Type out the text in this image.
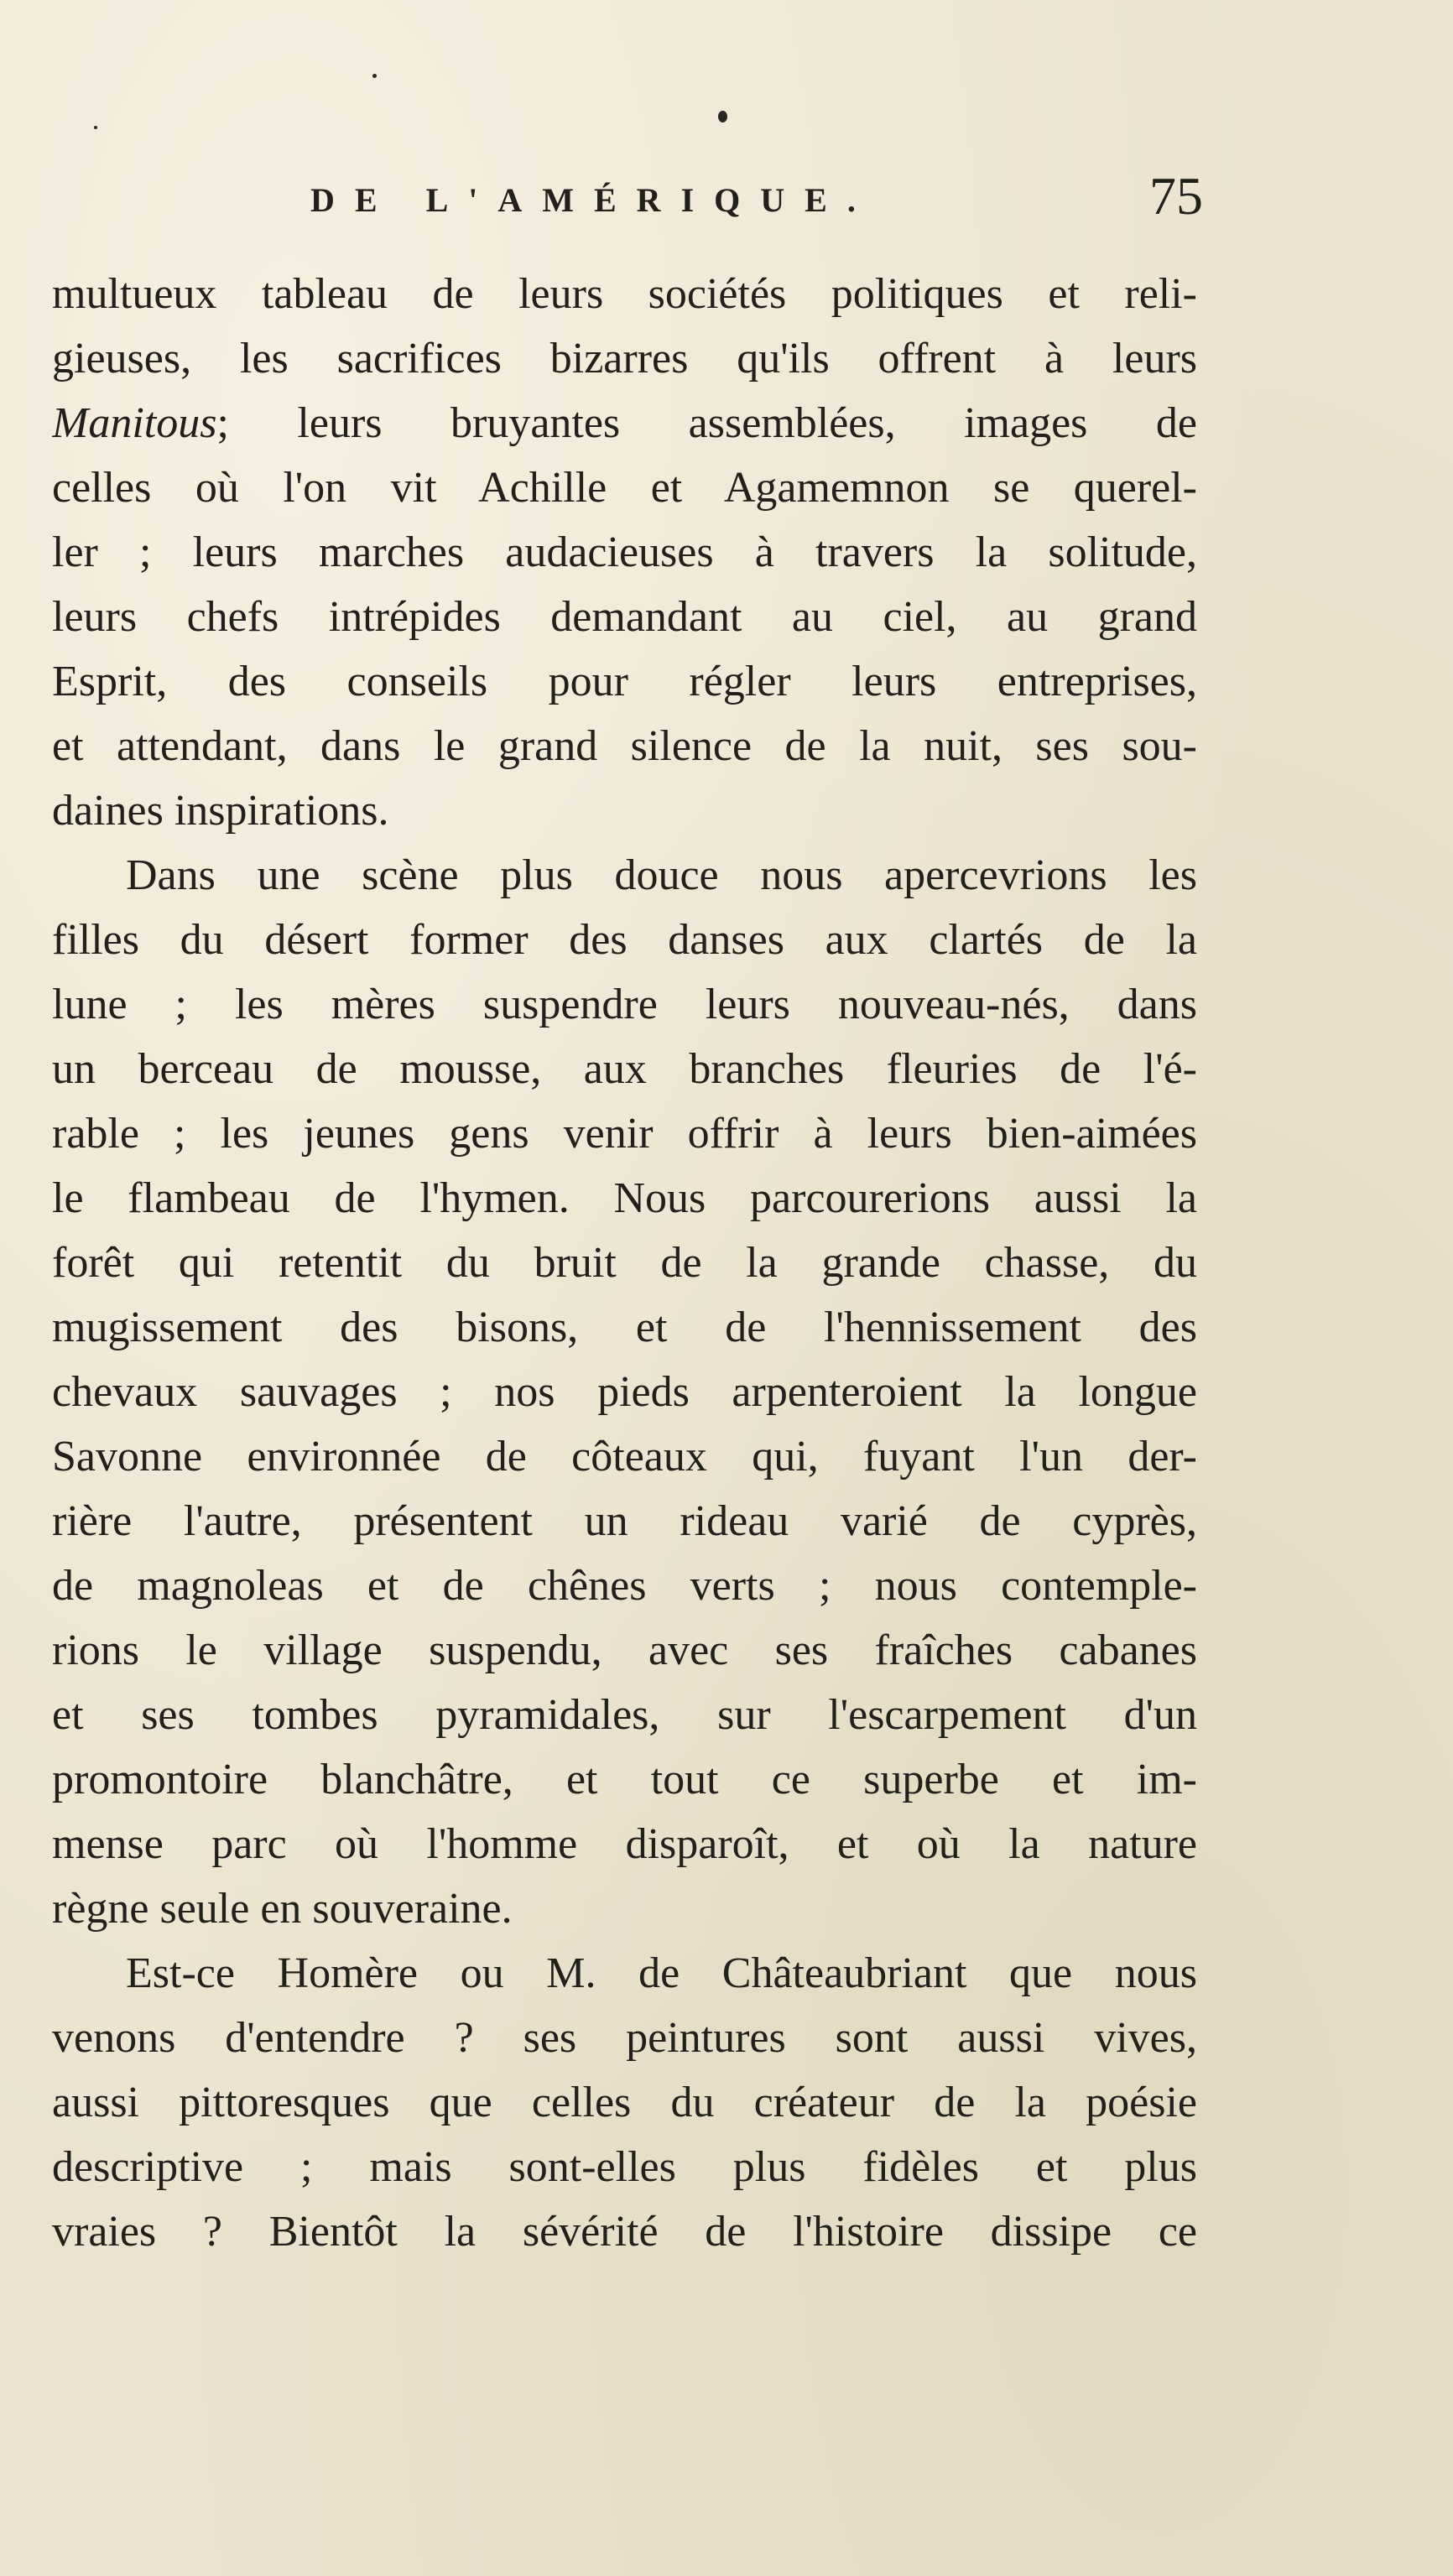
DE L'AMÉRIQUE.	75
multueux tableau de leurs sociétés politiques et reli-
gieuses, les sacrifices bizarres qu'ils offrent à leurs
Manitous; leurs bruyantes assemblées, images de
celles où l'on vit Achille et Agamemnon se querel-
ler ; leurs marches audacieuses à travers la solitude,
leurs chefs intrépides demandant au ciel, au grand
Esprit, des conseils pour régler leurs entreprises,
et attendant, dans le grand silence de la nuit, ses sou-
daines inspirations.
Dans une scène plus douce nous apercevrions les
filles du désert former des danses aux clartés de la
lune ; les mères suspendre leurs nouveau-nés, dans
un berceau de mousse, aux branches fleuries de l'é-
rable ; les jeunes gens venir offrir à leurs bien-aimées
le flambeau de l'hymen. Nous parcourerions aussi la
forêt qui retentit du bruit de la grande chasse, du
mugissement des bisons, et de l'hennissement des
chevaux sauvages ; nos pieds arpenteroient la longue
Savonne environnée de côteaux qui, fuyant l'un der-
rière l'autre, présentent un rideau varié de cyprès,
de magnoleas et de chênes verts ; nous contemple-
rions le village suspendu, avec ses fraîches cabanes
et ses tombes pyramidales, sur l'escarpement d'un
promontoire blanchâtre, et tout ce superbe et im-
mense parc où l'homme disparoît, et où la nature
règne seule en souveraine.
Est-ce Homère ou M. de Châteaubriant que nous
venons d'entendre ? ses peintures sont aussi vives,
aussi pittoresques que celles du créateur de la poésie
descriptive ; mais sont-elles plus fidèles et plus
vraies ? Bientôt la sévérité de l'histoire dissipe ce
